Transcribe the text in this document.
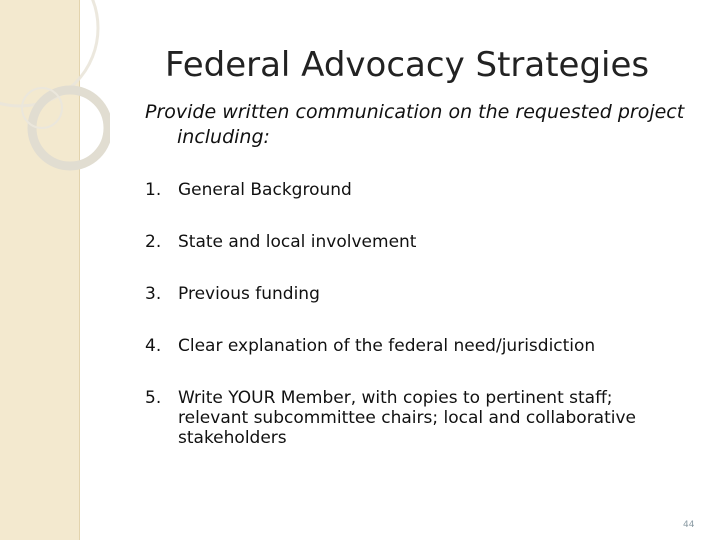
Federal Advocacy Strategies

Provide written communication on the requested project including:

1. General Background
2. State and local involvement
3. Previous funding
4. Clear explanation of the federal need/jurisdiction
5. Write YOUR Member, with copies to pertinent staff; relevant subcommittee chairs; local and collaborative stakeholders
44
